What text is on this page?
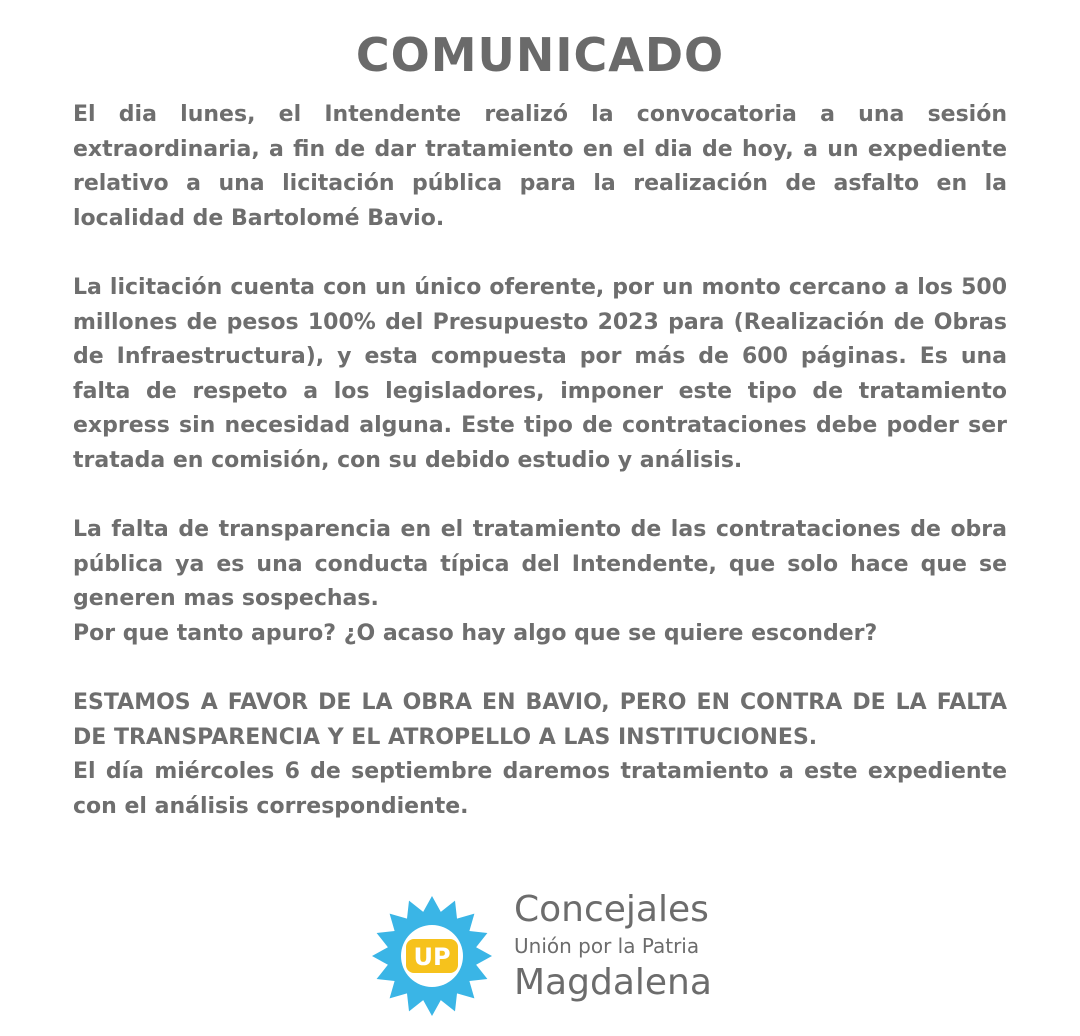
COMUNICADO

El dia lunes, el Intendente realizó la convocatoria a una sesión extraordinaria, a fin de dar tratamiento en el dia de hoy, a un expediente relativo a una licitación pública para la realización de asfalto en la localidad de Bartolomé Bavio.

La licitación cuenta con un único oferente, por un monto cercano a los 500 millones de pesos 100% del Presupuesto 2023 para (Realización de Obras de Infraestructura), y esta compuesta por más de 600 páginas. Es una falta de respeto a los legisladores, imponer este tipo de tratamiento express sin necesidad alguna. Este tipo de contrataciones debe poder ser tratada en comisión, con su debido estudio y análisis.

La falta de transparencia en el tratamiento de las contrataciones de obra pública ya es una conducta típica del Intendente, que solo hace que se generen mas sospechas.

Por que tanto apuro? ¿O acaso hay algo que se quiere esconder?

ESTAMOS A FAVOR DE LA OBRA EN BAVIO, PERO EN CONTRA DE LA FALTA DE TRANSPARENCIA Y EL ATROPELLO A LAS INSTITUCIONES.

El día miércoles 6 de septiembre daremos tratamiento a este expediente con el análisis correspondiente.

UP
Concejales
Unión por la Patria
Magdalena
